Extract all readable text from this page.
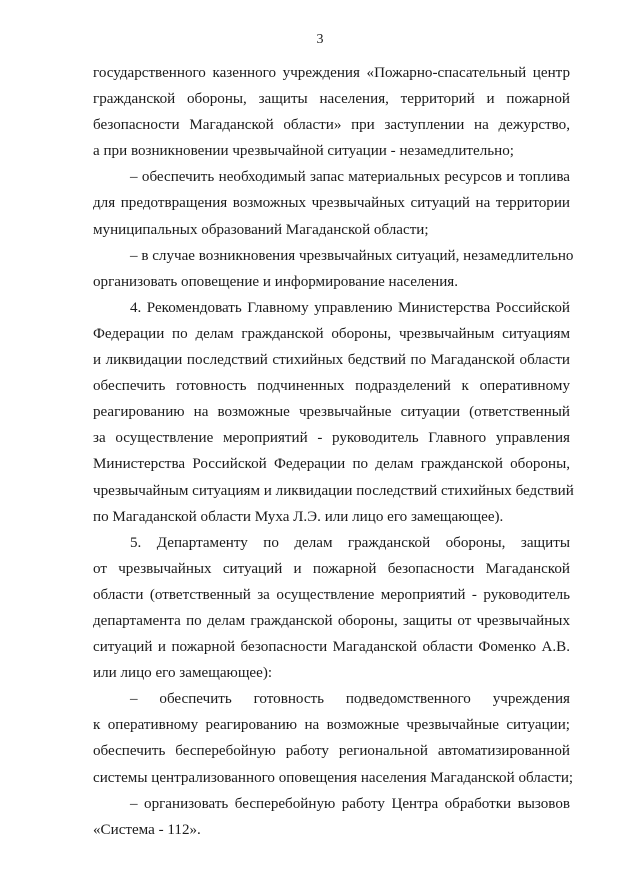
3
государственного казенного учреждения «Пожарно-спасательный центр
гражданской обороны, защиты населения, территорий и пожарной
безопасности Магаданской области» при заступлении на дежурство,
а при возникновении чрезвычайной ситуации - незамедлительно;
– обеспечить необходимый запас материальных ресурсов и топлива
для предотвращения возможных чрезвычайных ситуаций на территории
муниципальных образований Магаданской области;
– в случае возникновения чрезвычайных ситуаций, незамедлительно
организовать оповещение и информирование населения.
4. Рекомендовать Главному управлению Министерства Российской
Федерации по делам гражданской обороны, чрезвычайным ситуациям
и ликвидации последствий стихийных бедствий по Магаданской области
обеспечить готовность подчиненных подразделений к оперативному
реагированию на возможные чрезвычайные ситуации (ответственный
за осуществление мероприятий - руководитель Главного управления
Министерства Российской Федерации по делам гражданской обороны,
чрезвычайным ситуациям и ликвидации последствий стихийных бедствий
по Магаданской области Муха Л.Э. или лицо его замещающее).
5. Департаменту по делам гражданской обороны, защиты
от чрезвычайных ситуаций и пожарной безопасности Магаданской
области (ответственный за осуществление мероприятий - руководитель
департамента по делам гражданской обороны, защиты от чрезвычайных
ситуаций и пожарной безопасности Магаданской области Фоменко А.В.
или лицо его замещающее):
– обеспечить готовность подведомственного учреждения
к оперативному реагированию на возможные чрезвычайные ситуации;
обеспечить бесперебойную работу региональной автоматизированной
системы централизованного оповещения населения Магаданской области;
– организовать бесперебойную работу Центра обработки вызовов
«Система - 112».
